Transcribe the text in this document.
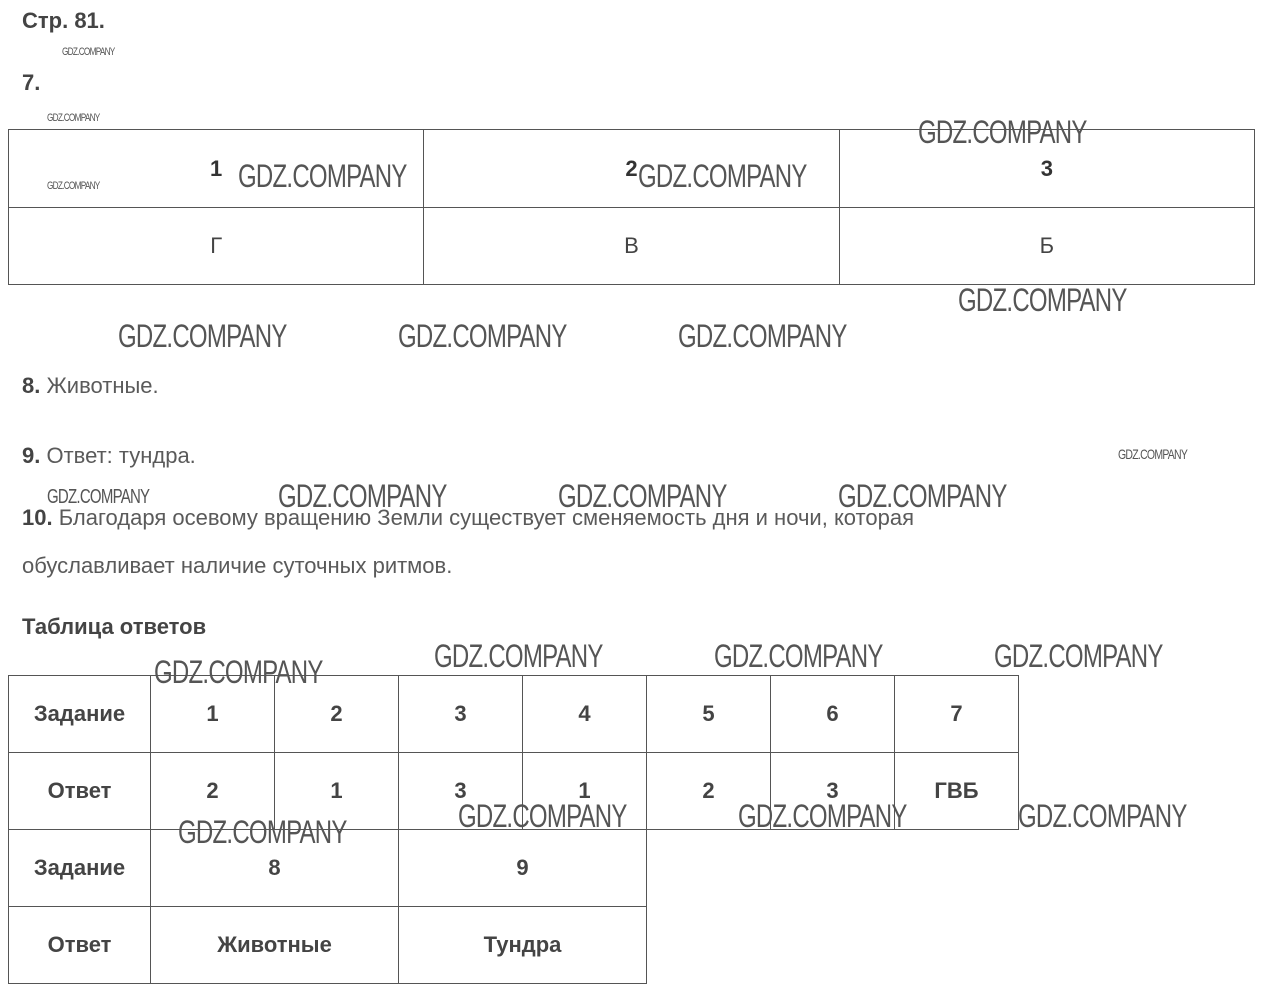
Стр. 81.
7.
1	2	3
Г	В	Б
8. Животные.
9. Ответ: тундра.
10. Благодаря осевому вращению Земли существует сменяемость дня и ночи, которая
обуславливает наличие суточных ритмов.
Таблица ответов
Задание	1	2	3	4	5	6	7
Ответ	2	1	3	1	2	3	ГВБ
Задание	8	9
Ответ	Животные	Тундра
GDZ.COMPANY
GDZ.COMPANY
GDZ.COMPANY
GDZ.COMPANY
GDZ.COMPANY	GDZ.COMPANY
GDZ.COMPANY
GDZ.COMPANY	GDZ.COMPANY	GDZ.COMPANY
GDZ.COMPANY
GDZ.COMPANY	GDZ.COMPANY	GDZ.COMPANY	GDZ.COMPANY
GDZ.COMPANY	GDZ.COMPANY	GDZ.COMPANY
GDZ.COMPANY
GDZ.COMPANY	GDZ.COMPANY	GDZ.COMPANY
GDZ.COMPANY
